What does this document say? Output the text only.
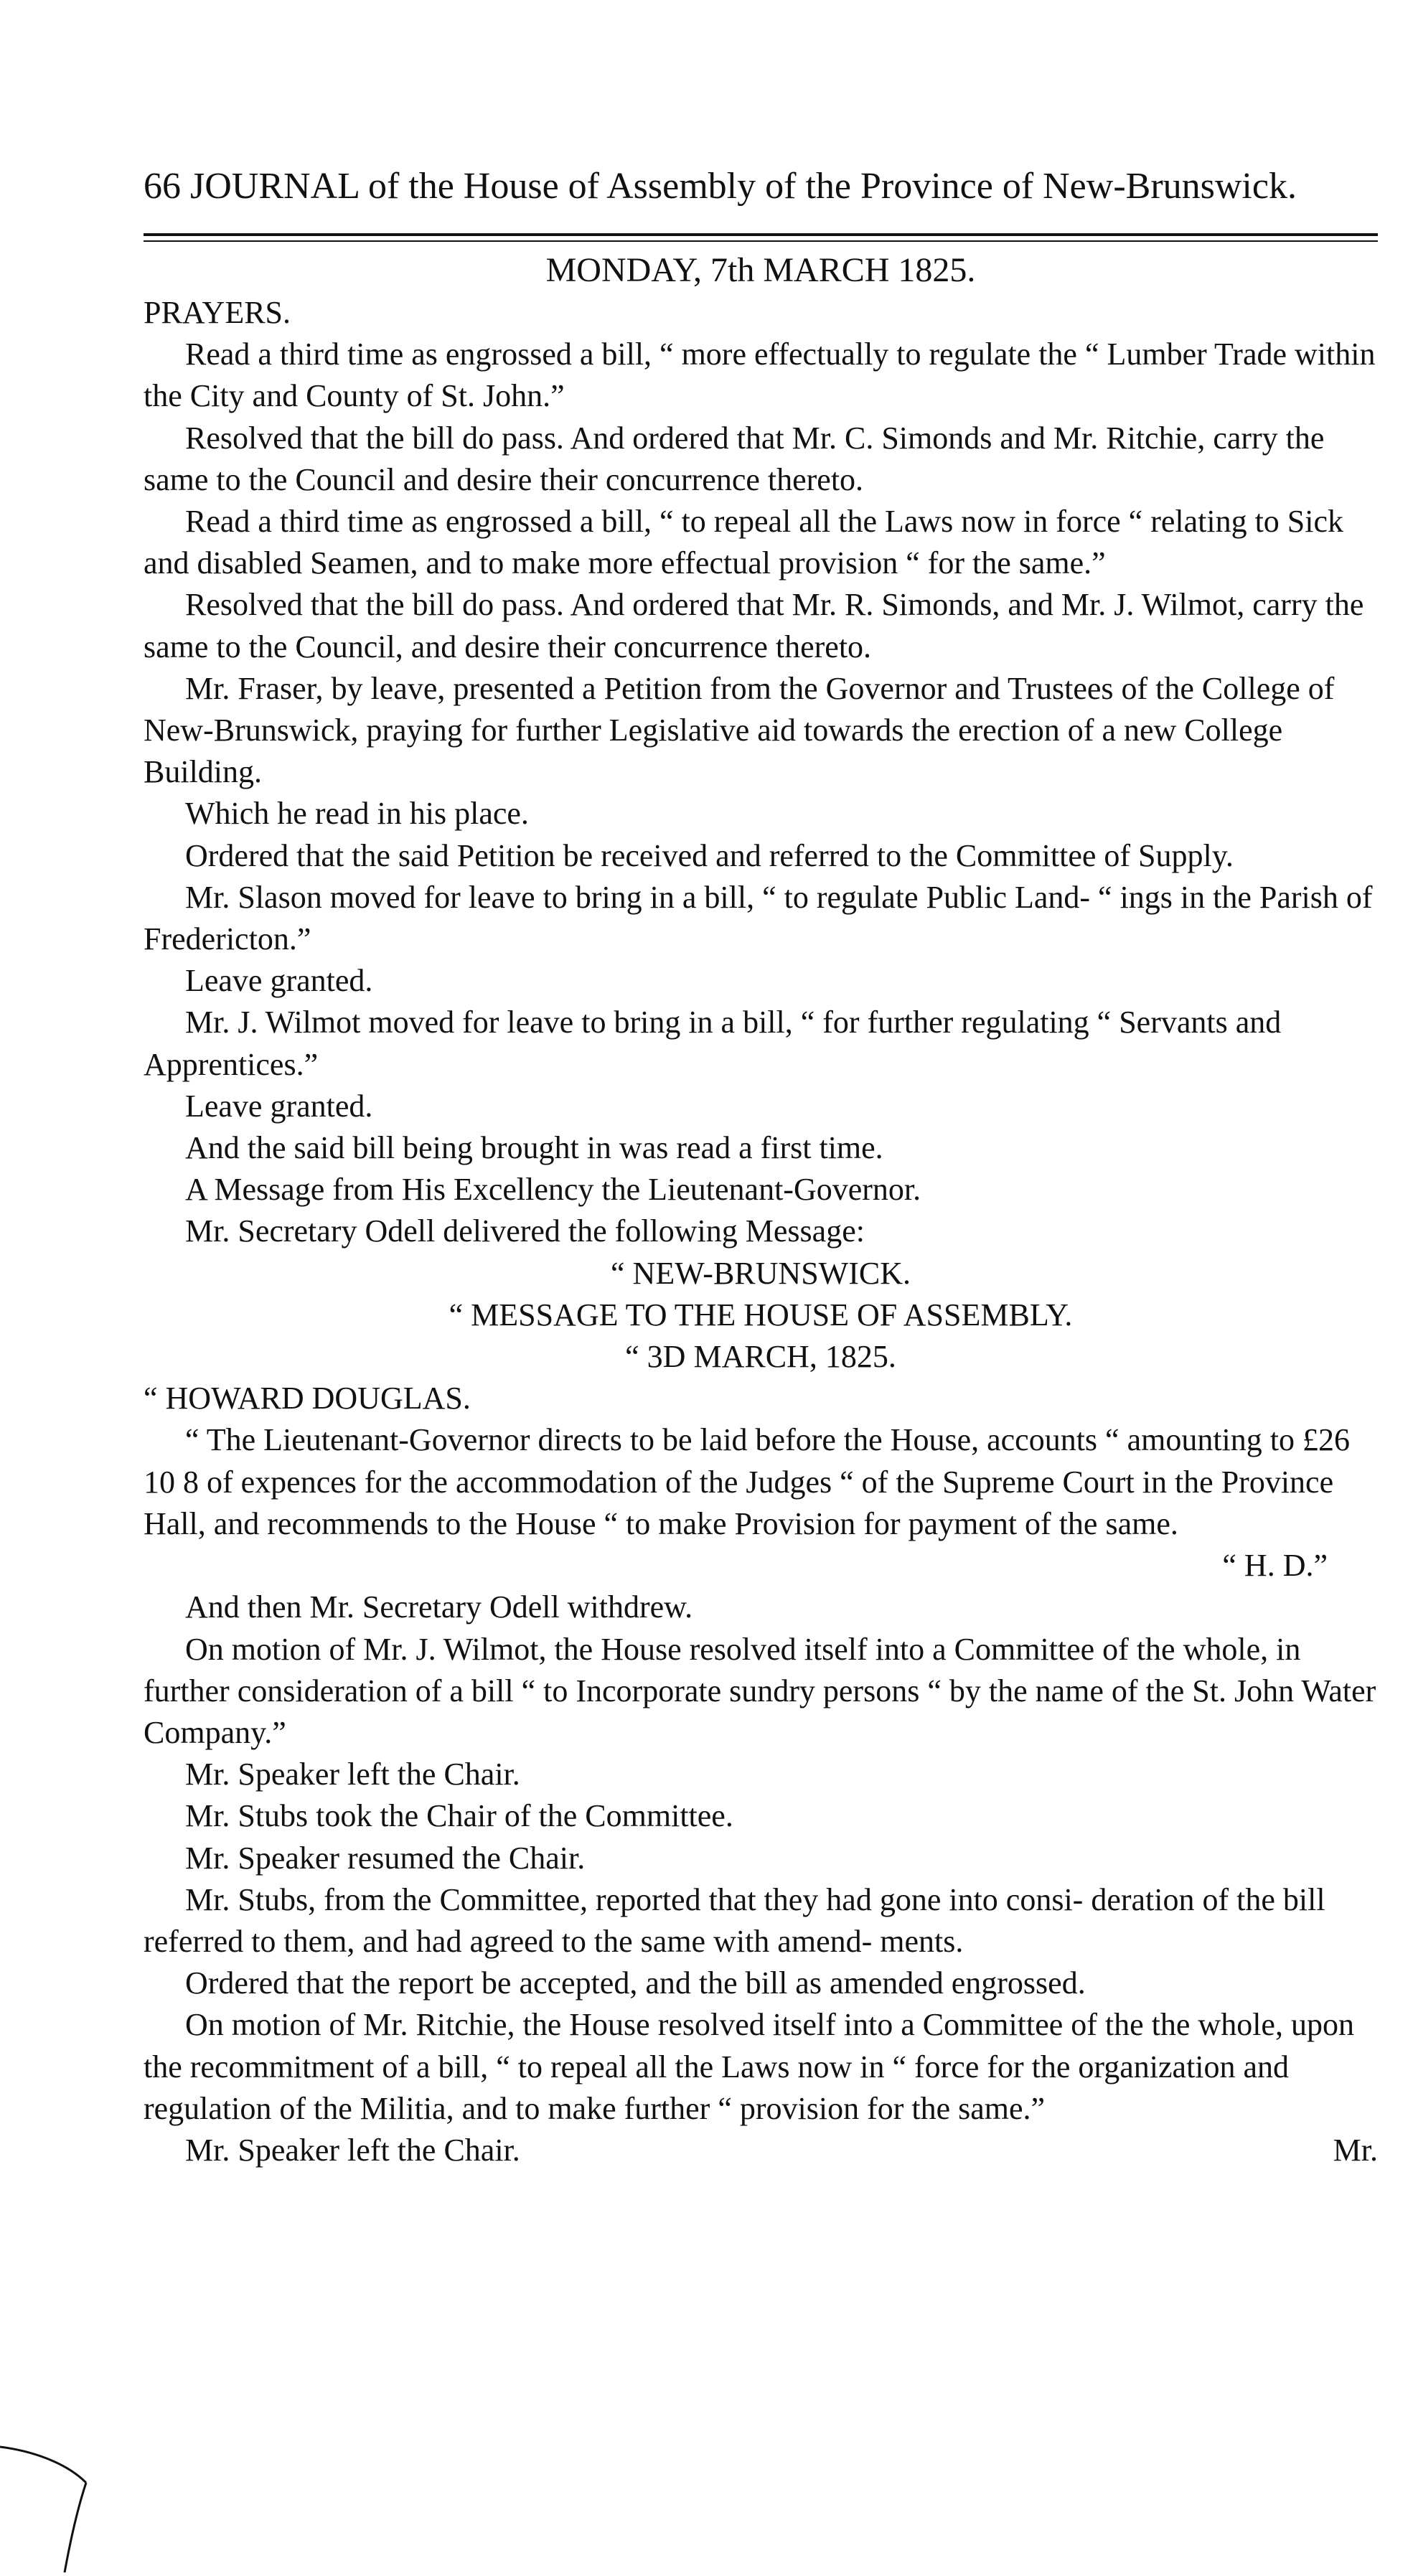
66 JOURNAL of the House of Assembly of the Province of New-Brunswick.
MONDAY, 7th MARCH 1825.
PRAYERS.
Read a third time as engrossed a bill, “ more effectually to regulate the “ Lumber Trade within the City and County of St. John.”
Resolved that the bill do pass. And ordered that Mr. C. Simonds and Mr. Ritchie, carry the same to the Council and desire their concurrence thereto.
Read a third time as engrossed a bill, “ to repeal all the Laws now in force “ relating to Sick and disabled Seamen, and to make more effectual provision “ for the same.”
Resolved that the bill do pass. And ordered that Mr. R. Simonds, and Mr. J. Wilmot, carry the same to the Council, and desire their concurrence thereto.
Mr. Fraser, by leave, presented a Petition from the Governor and Trustees of the College of New-Brunswick, praying for further Legislative aid towards the erection of a new College Building.
Which he read in his place.
Ordered that the said Petition be received and referred to the Committee of Supply.
Mr. Slason moved for leave to bring in a bill, “ to regulate Public Land- “ ings in the Parish of Fredericton.”
Leave granted.
Mr. J. Wilmot moved for leave to bring in a bill, “ for further regulating “ Servants and Apprentices.”
Leave granted.
And the said bill being brought in was read a first time.
A Message from His Excellency the Lieutenant-Governor.
Mr. Secretary Odell delivered the following Message:
“ NEW-BRUNSWICK.
“ MESSAGE TO THE HOUSE OF ASSEMBLY.
“ 3D MARCH, 1825.
“ HOWARD DOUGLAS.
“ The Lieutenant-Governor directs to be laid before the House, accounts “ amounting to £26 10 8 of expences for the accommodation of the Judges “ of the Supreme Court in the Province Hall, and recommends to the House “ to make Provision for payment of the same.
“ H. D.”
And then Mr. Secretary Odell withdrew.
On motion of Mr. J. Wilmot, the House resolved itself into a Committee of the whole, in further consideration of a bill “ to Incorporate sundry persons “ by the name of the St. John Water Company.”
Mr. Speaker left the Chair.
Mr. Stubs took the Chair of the Committee.
Mr. Speaker resumed the Chair.
Mr. Stubs, from the Committee, reported that they had gone into consi- deration of the bill referred to them, and had agreed to the same with amend- ments.
Ordered that the report be accepted, and the bill as amended engrossed.
On motion of Mr. Ritchie, the House resolved itself into a Committee of the the whole, upon the recommitment of a bill, “ to repeal all the Laws now in “ force for the organization and regulation of the Militia, and to make further “ provision for the same.”
Mr. Speaker left the Chair.	Mr.
